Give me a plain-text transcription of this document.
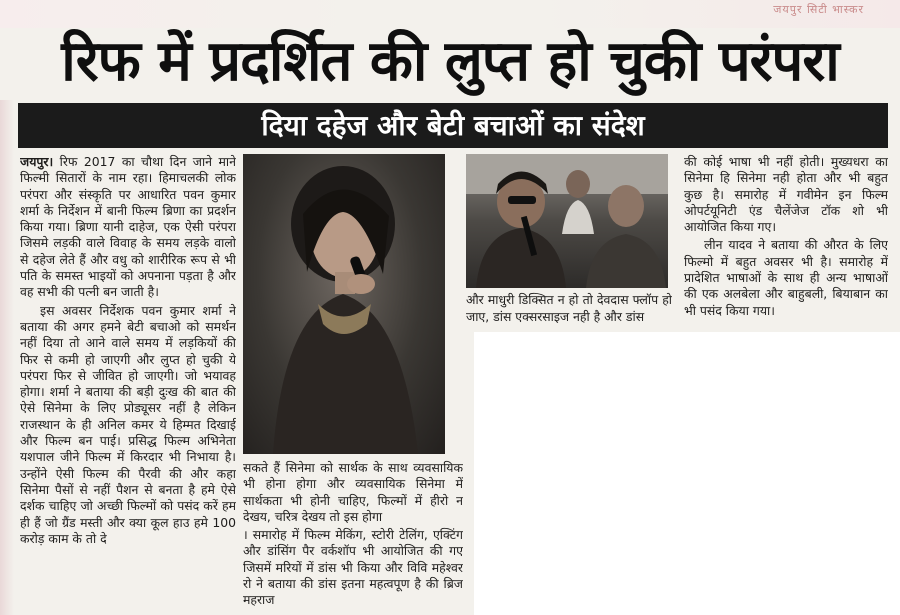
जयपुर सिटी भास्कर
रिफ में प्रदर्शित की लुप्त हो चुकी परंपरा
दिया दहेज और बेटी बचाओं का संदेश

जयपुर। रिफ 2017 का चौथा दिन जाने माने फिल्मी सितारों के नाम रहा। हिमाचलकी लोक परंपरा और संस्कृति पर आधारित पवन कुमार शर्मा के निर्देशन में बानी फिल्म ब्रिणा का प्रदर्शन किया गया। ब्रिणा यानी दाहेज, एक ऐसी परंपरा जिसमे लड़की वाले विवाह के समय लड़के वालो से दहेज लेते हैं और वधु को शारीरिक रूप से भी पति के समस्त भाइयों को अपनाना पड़ता है और वह सभी की पत्नी बन जाती है।

इस अवसर निर्देशक पवन कुमार शर्मा ने बताया की अगर हमने बेटी बचाओ को समर्थन नहीं दिया तो आने वाले समय में लड़कियों की फिर से कमी हो जाएगी और लुप्त हो चुकी ये परंपरा फिर से जीवित हो जाएगी। जो भयावह होगा। शर्मा ने बताया की बड़ी दुःख की बात की ऐसे सिनेमा के लिए प्रोड्यूसर नहीं है लेकिन राजस्थान के ही अनिल कमर ये हिम्मत दिखाई और फिल्म बन पाई। प्रसिद्ध फिल्म अभिनेता यशपाल जीने फिल्म में किरदार भी निभाया है। उन्होंने ऐसी फिल्म की पैरवी की और कहा सिनेमा पैसों से नहीं पैशन से बनता है हमे ऐसे दर्शक चाहिए जो अच्छी फिल्मों को पसंद करें हम ही हैं जो ग्रैंड मस्ती और क्या कूल हाउ हमे 100 करोड़ काम के तो दे

सकते हैं सिनेमा को सार्थक के साथ व्यवसायिक भी होना होगा और व्यवसायिक सिनेमा में सार्थकता भी होनी चाहिए, फिल्मों में हीरो न देखय, चरित्र देखय तो इस होगा

। समारोह में फिल्म मेकिंग, स्टोरी टेलिंग, एक्टिंग और डांसिंग पैर वर्कशॉप भी आयोजित की गए जिसमें मरियों में डांस भी किया और विवि महेश्वर रो ने बताया की डांस इतना महत्वपूण है की ब्रिज महराज

और माधुरी डिक्सित न हो तो देवदास फ्लॉप हो जाए, डांस एक्सरसाइज नही है और डांस

की कोई भाषा भी नहीं होती। मुख्यधरा का सिनेमा हि सिनेमा नही होता और भी बहुत कुछ है। समारोह में गवीमेन इन फिल्म ओपर्टयूनिटी एंड चैलेंजेज टॉक शो भी आयोजित किया गए।

लीन यादव ने बताया की औरत के लिए फिल्मो में बहुत अवसर भी है। समारोह में प्रादेशित भाषाओं के साथ ही अन्य भाषाओं की एक अलबेला और बाहुबली, बियाबान का भी पसंद किया गया।
